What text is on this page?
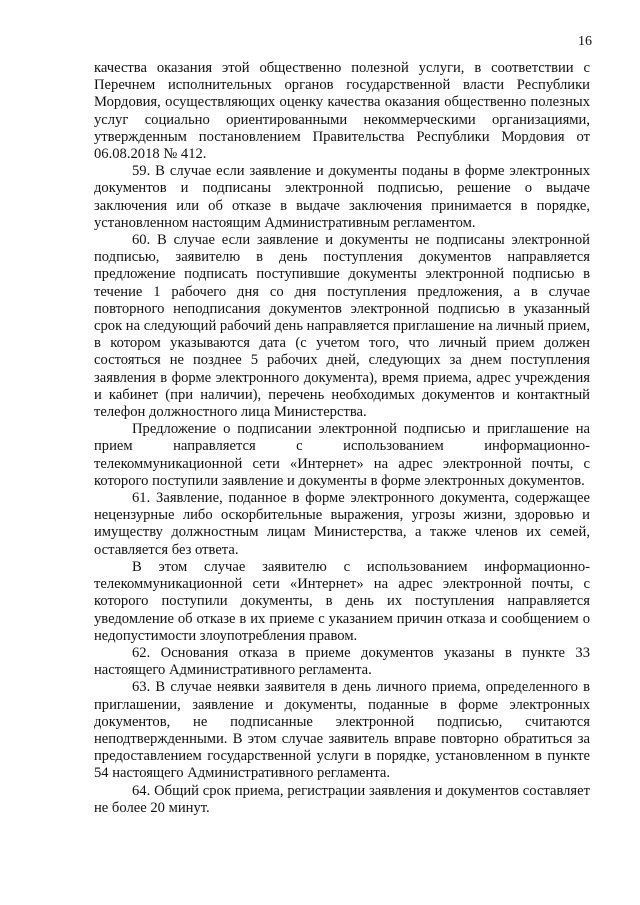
16

качества оказания этой общественно полезной услуги, в соответствии с Перечнем исполнительных органов государственной власти Республики Мордовия, осуществляющих оценку качества оказания общественно полезных услуг социально ориентированными некоммерческими организациями, утвержденным постановлением Правительства Республики Мордовия от 06.08.2018 № 412.

59. В случае если заявление и документы поданы в форме электронных документов и подписаны электронной подписью, решение о выдаче заключения или об отказе в выдаче заключения принимается в порядке, установленном настоящим Административным регламентом.

60. В случае если заявление и документы не подписаны электронной подписью, заявителю в день поступления документов направляется предложение подписать поступившие документы электронной подписью в течение 1 рабочего дня со дня поступления предложения, а в случае повторного неподписания документов электронной подписью в указанный срок на следующий рабочий день направляется приглашение на личный прием, в котором указываются дата (с учетом того, что личный прием должен состояться не позднее 5 рабочих дней, следующих за днем поступления заявления в форме электронного документа), время приема, адрес учреждения и кабинет (при наличии), перечень необходимых документов и контактный телефон должностного лица Министерства.

Предложение о подписании электронной подписью и приглашение на прием направляется с использованием информационно-телекоммуникационной сети «Интернет» на адрес электронной почты, с которого поступили заявление и документы в форме электронных документов.

61. Заявление, поданное в форме электронного документа, содержащее нецензурные либо оскорбительные выражения, угрозы жизни, здоровью и имуществу должностным лицам Министерства, а также членов их семей, оставляется без ответа.

В этом случае заявителю с использованием информационно-телекоммуникационной сети «Интернет» на адрес электронной почты, с которого поступили документы, в день их поступления направляется уведомление об отказе в их приеме с указанием причин отказа и сообщением о недопустимости злоупотребления правом.

62. Основания отказа в приеме документов указаны в пункте 33 настоящего Административного регламента.

63. В случае неявки заявителя в день личного приема, определенного в приглашении, заявление и документы, поданные в форме электронных документов, не подписанные электронной подписью, считаются неподтвержденными. В этом случае заявитель вправе повторно обратиться за предоставлением государственной услуги в порядке, установленном в пункте 54 настоящего Административного регламента.

64. Общий срок приема, регистрации заявления и документов составляет не более 20 минут.
